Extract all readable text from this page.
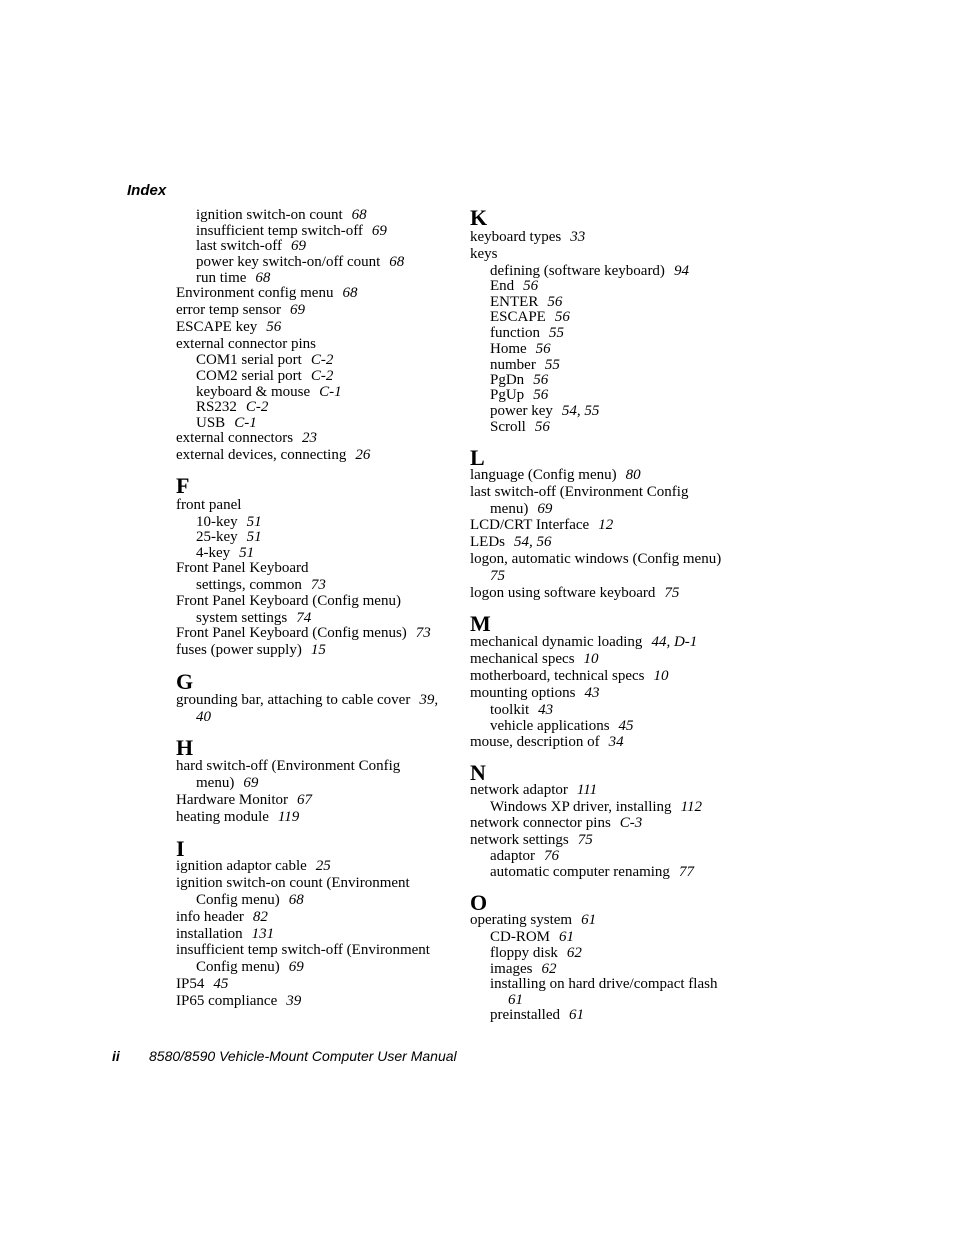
Index
ignition switch-on count 68
insufficient temp switch-off 69
last switch-off 69
power key switch-on/off count 68
run time 68
Environment config menu 68
error temp sensor 69
ESCAPE key 56
external connector pins
COM1 serial port C-2
COM2 serial port C-2
keyboard & mouse C-1
RS232 C-2
USB C-1
external connectors 23
external devices, connecting 26
F
front panel
10-key 51
25-key 51
4-key 51
Front Panel Keyboard
settings, common 73
Front Panel Keyboard (Config menu)
system settings 74
Front Panel Keyboard (Config menus) 73
fuses (power supply) 15
G
grounding bar, attaching to cable cover 39,
40
H
hard switch-off (Environment Config
menu) 69
Hardware Monitor 67
heating module 119
I
ignition adaptor cable 25
ignition switch-on count (Environment
Config menu) 68
info header 82
installation 131
insufficient temp switch-off (Environment
Config menu) 69
IP54 45
IP65 compliance 39
K
keyboard types 33
keys
defining (software keyboard) 94
End 56
ENTER 56
ESCAPE 56
function 55
Home 56
number 55
PgDn 56
PgUp 56
power key 54, 55
Scroll 56
L
language (Config menu) 80
last switch-off (Environment Config
menu) 69
LCD/CRT Interface 12
LEDs 54, 56
logon, automatic windows (Config menu)
75
logon using software keyboard 75
M
mechanical dynamic loading 44, D-1
mechanical specs 10
motherboard, technical specs 10
mounting options 43
toolkit 43
vehicle applications 45
mouse, description of 34
N
network adaptor 111
Windows XP driver, installing 112
network connector pins C-3
network settings 75
adaptor 76
automatic computer renaming 77
O
operating system 61
CD-ROM 61
floppy disk 62
images 62
installing on hard drive/compact flash
61
preinstalled 61
ii 8580/8590 Vehicle-Mount Computer User Manual
